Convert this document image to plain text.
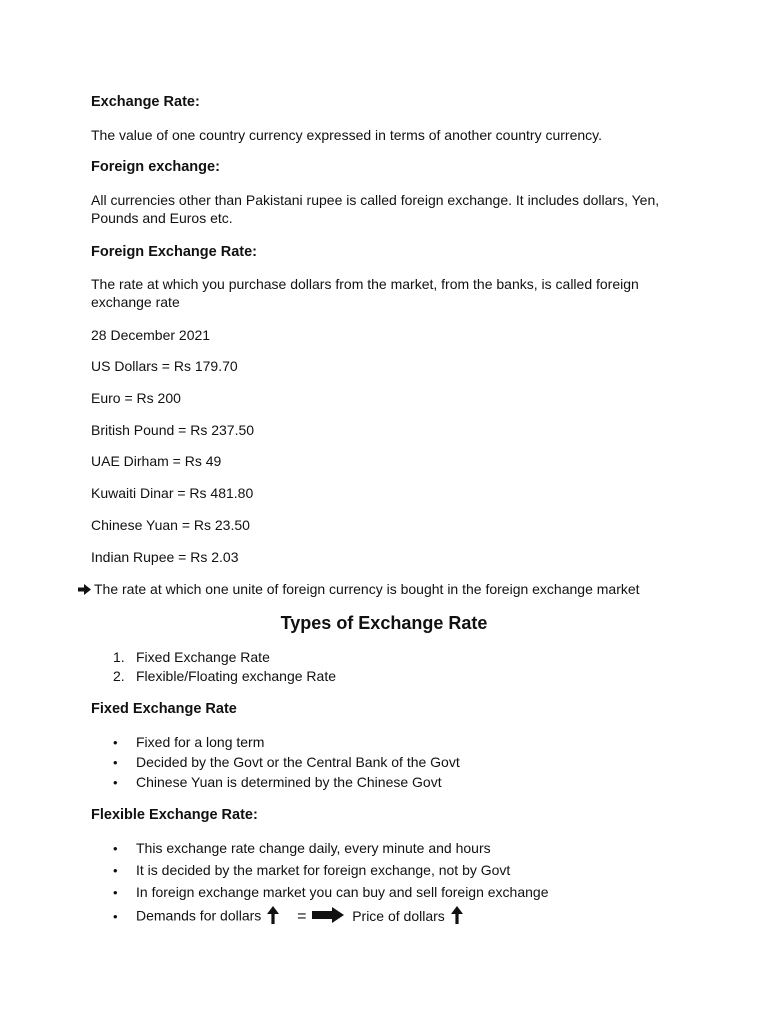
Exchange Rate:
The value of one country currency expressed in terms of another country currency.
Foreign exchange:
All currencies other than Pakistani rupee is called foreign exchange. It includes dollars, Yen, Pounds and Euros etc.
Foreign Exchange Rate:
The rate at which you purchase dollars from the market, from the banks, is called foreign exchange rate
28 December 2021
US Dollars = Rs 179.70
Euro = Rs 200
British Pound = Rs 237.50
UAE Dirham = Rs 49
Kuwaiti Dinar = Rs 481.80
Chinese Yuan = Rs 23.50
Indian Rupee = Rs 2.03
The rate at which one unite of foreign currency is bought in the foreign exchange market
Types of Exchange Rate
1. Fixed Exchange Rate
2. Flexible/Floating exchange Rate
Fixed Exchange Rate
• Fixed for a long term
• Decided by the Govt or the Central Bank of the Govt
• Chinese Yuan is determined by the Chinese Govt
Flexible Exchange Rate:
• This exchange rate change daily, every minute and hours
• It is decided by the market for foreign exchange, not by Govt
• In foreign exchange market you can buy and sell foreign exchange
• Demands for dollars =	Price of dollars
